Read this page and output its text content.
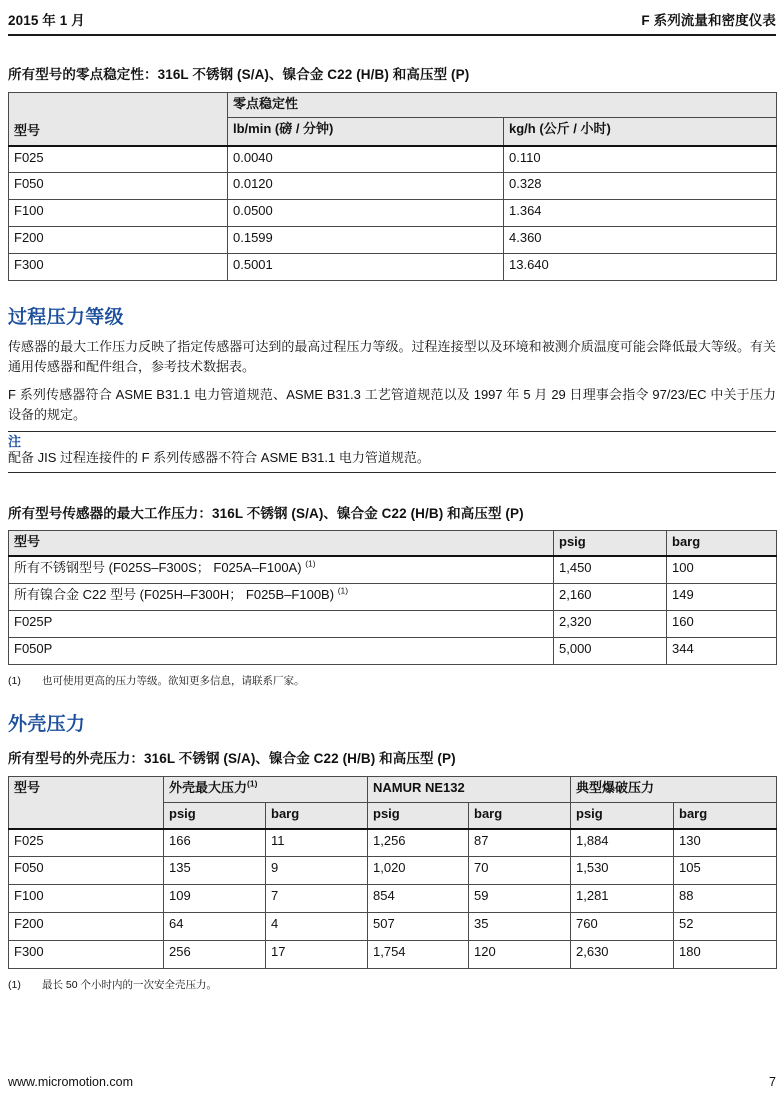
2015 年 1 月	F 系列流量和密度仪表
所有型号的零点稳定性：316L 不锈钢 (S/A)、镍合金 C22 (H/B) 和高压型 (P)
型号	零点稳定性	
	lb/min (磅 / 分钟)	kg/h (公斤 / 小时)
F025	0.0040	0.110
F050	0.0120	0.328
F100	0.0500	1.364
F200	0.1599	4.360
F300	0.5001	13.640
过程压力等级

传感器的最大工作压力反映了指定传感器可达到的最高过程压力等级。过程连接型以及环境和被测介质温度可能会降低最大等级。有关通用传感器和配件组合，参考技术数据表。

F 系列传感器符合 ASME B31.1 电力管道规范、ASME B31.3 工艺管道规范以及 1997 年 5 月 29 日理事会指令 97/23/EC 中关于压力设备的规定。

注
配备 JIS 过程连接件的 F 系列传感器不符合 ASME B31.1 电力管道规范。
所有型号传感器的最大工作压力：316L 不锈钢 (S/A)、镍合金 C22 (H/B) 和高压型 (P)
型号	psig	barg
所有不锈钢型号 (F025S–F300S； F025A–F100A) $^{(1)}$	1,450	100
所有镍合金 C22 型号 (F025H–F300H； F025B–F100B) $^{(1)}$	2,160	149
F025P	2,320	160
F050P	5,000	344
(1)	也可使用更高的压力等级。欲知更多信息，请联系厂家。
外壳压力
所有型号的外壳压力：316L 不锈钢 (S/A)、镍合金 C22 (H/B) 和高压型 (P)
型号	外壳最大压力$^{(1)}$		NAMUR NE132		典型爆破压力	
	psig	barg	psig	barg	psig	barg
F025	166	11	1,256	87	1,884	130
F050	135	9	1,020	70	1,530	105
F100	109	7	854	59	1,281	88
F200	64	4	507	35	760	52
F300	256	17	1,754	120	2,630	180
(1)	最长 50 个小时内的一次安全壳压力。
www.micromotion.com	7
